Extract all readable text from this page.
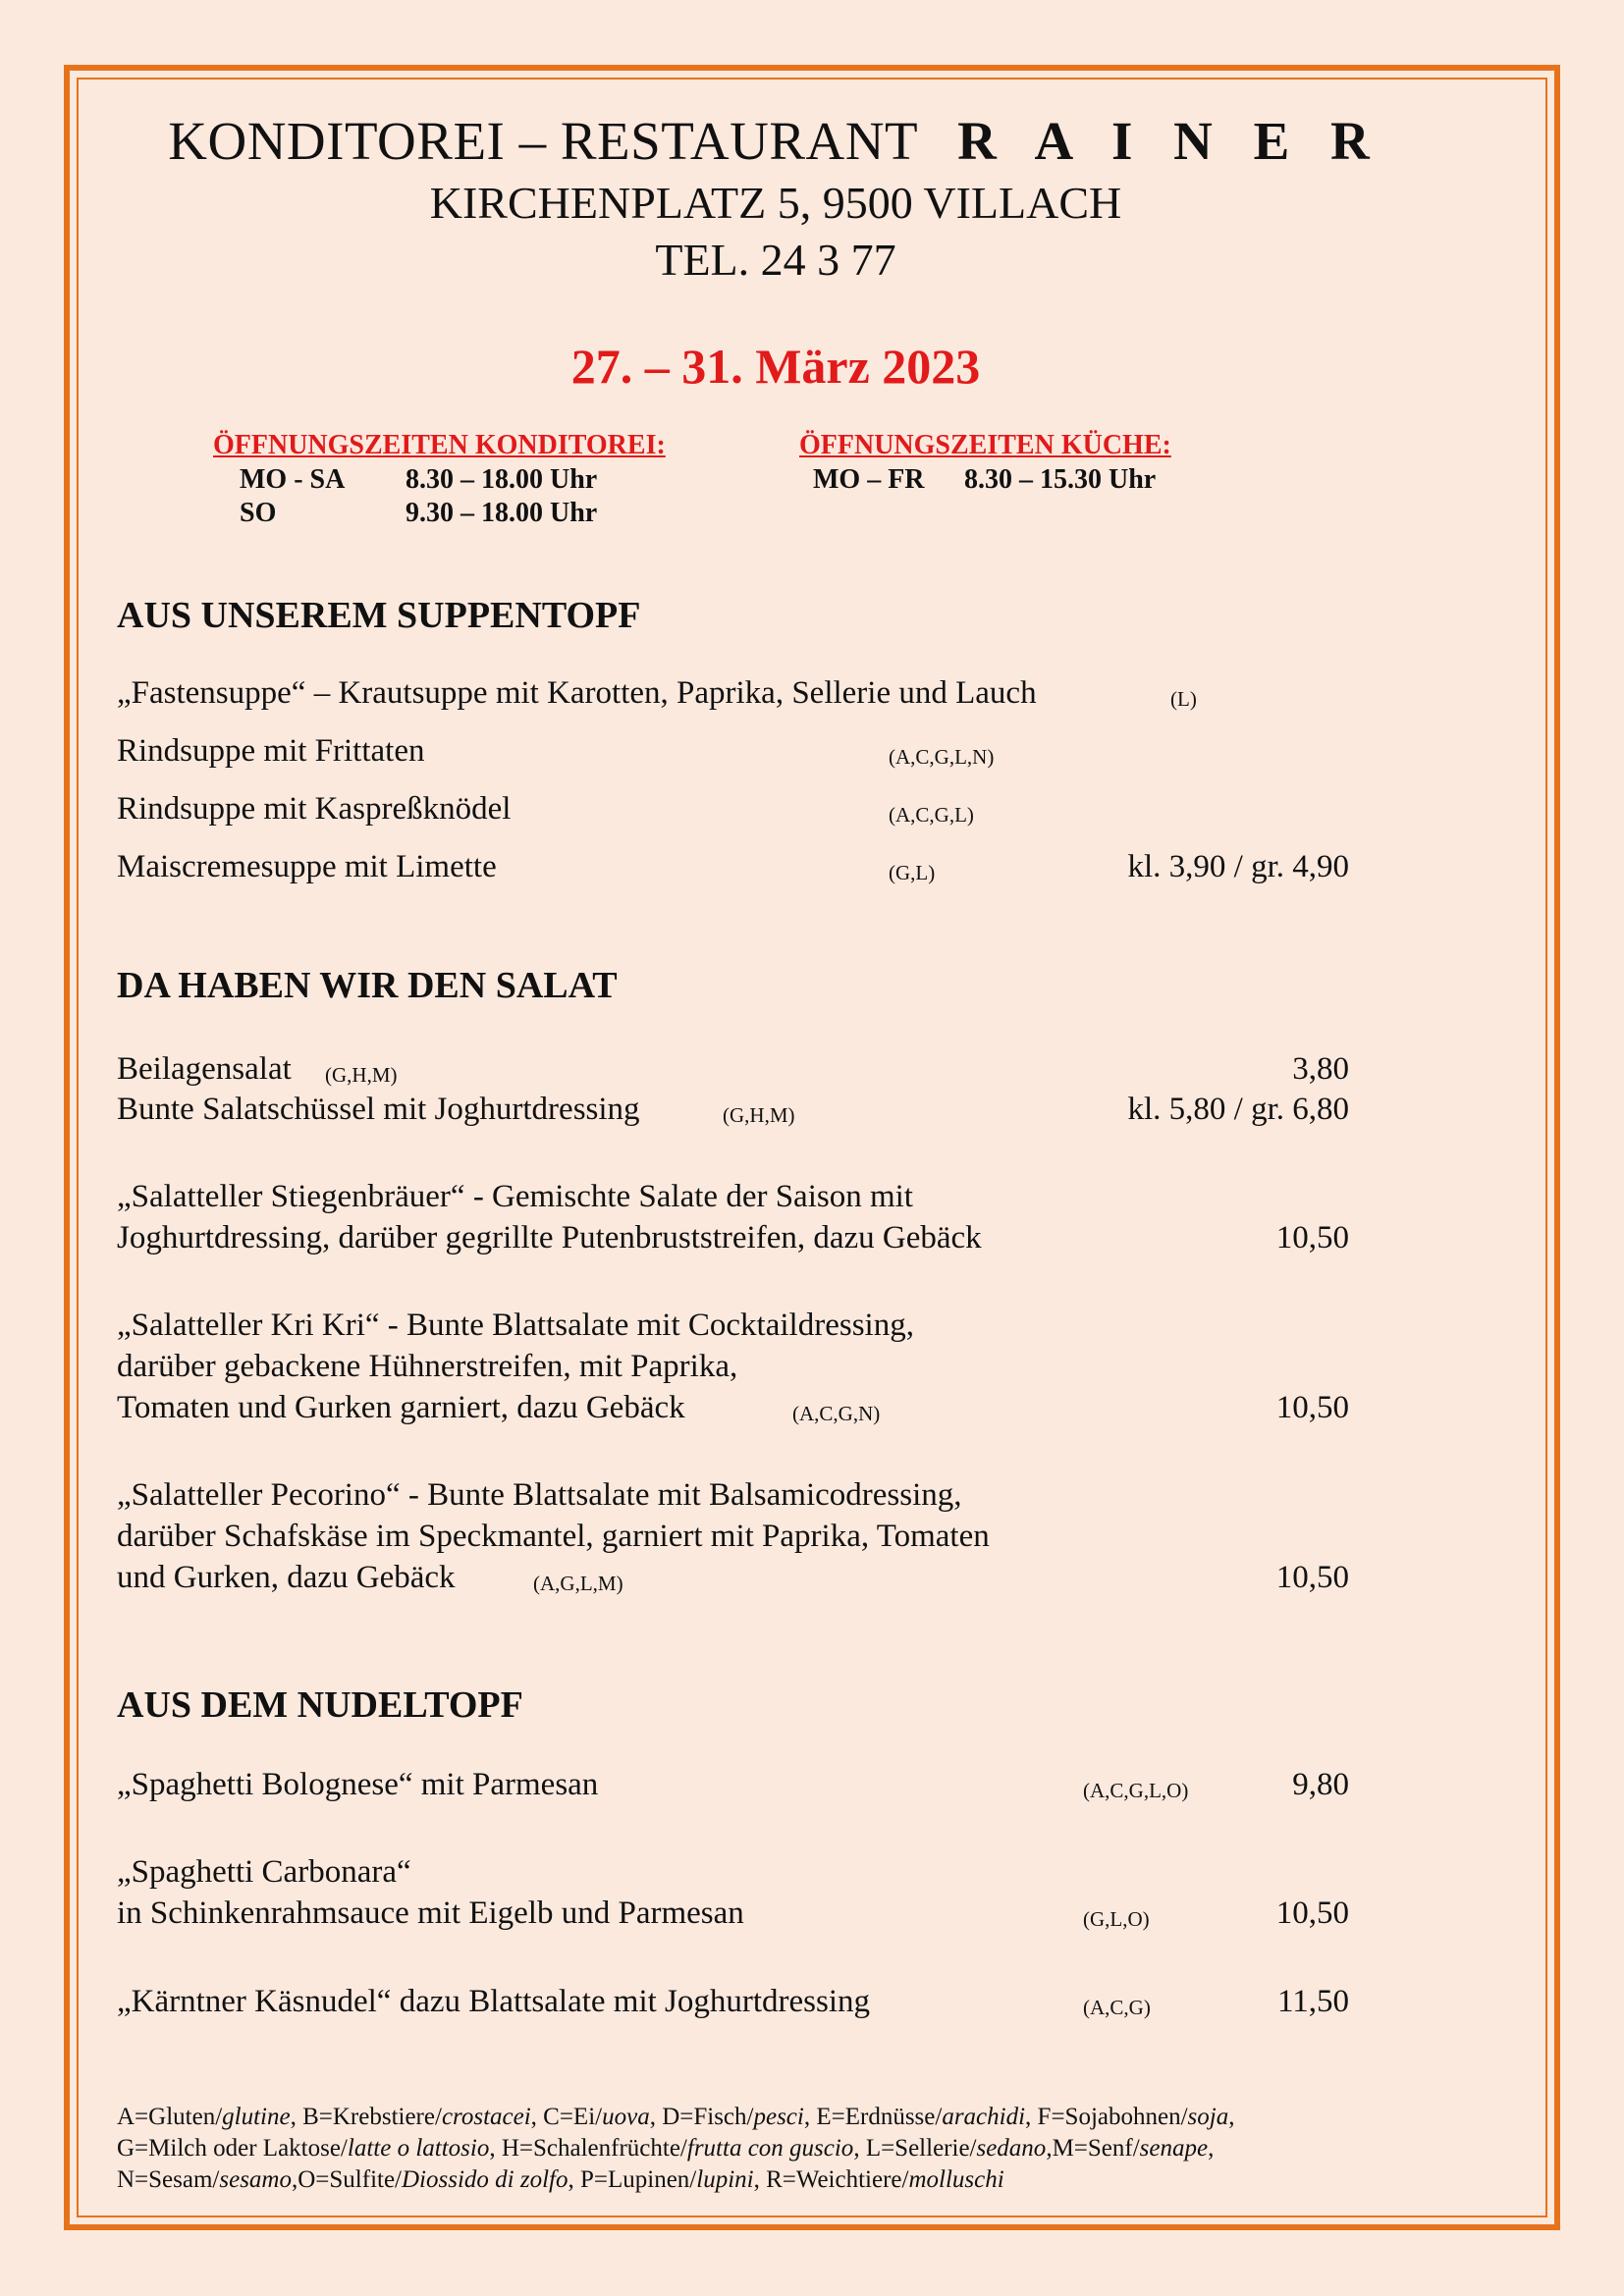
KONDITOREI – RESTAURANT R A I N E R
KIRCHENPLATZ 5, 9500 VILLACH
TEL. 24 3 77
27. – 31. März 2023
ÖFFNUNGSZEITEN KONDITOREI:
MO - SA 8.30 – 18.00 Uhr
SO	9.30 – 18.00 Uhr
ÖFFNUNGSZEITEN KÜCHE:
MO – FR 8.30 – 15.30 Uhr
AUS UNSEREM SUPPENTOPF
„Fastensuppe“ – Krautsuppe mit Karotten, Paprika, Sellerie und Lauch	(L)
Rindsuppe mit Frittaten	(A,C,G,L,N)
Rindsuppe mit Kaspreßknödel	(A,C,G,L)
Maiscremesuppe mit Limette	(G,L)	kl. 3,90 / gr. 4,90
DA HABEN WIR DEN SALAT
Beilagensalat (G,H,M)	3,80
Bunte Salatschüssel mit Joghurtdressing	(G,H,M)	kl. 5,80 / gr. 6,80
„Salatteller Stiegenbräuer“ - Gemischte Salate der Saison mit
Joghurtdressing, darüber gegrillte Putenbruststreifen, dazu Gebäck	10,50
„Salatteller Kri Kri“ - Bunte Blattsalate mit Cocktaildressing,
darüber gebackene Hühnerstreifen, mit Paprika,
Tomaten und Gurken garniert, dazu Gebäck	(A,C,G,N)	10,50
„Salatteller Pecorino“ - Bunte Blattsalate mit Balsamicodressing,
darüber Schafskäse im Speckmantel, garniert mit Paprika, Tomaten
und Gurken, dazu Gebäck	(A,G,L,M)	10,50
AUS DEM NUDELTOPF
„Spaghetti Bolognese“ mit Parmesan	(A,C,G,L,O)	9,80
„Spaghetti Carbonara“
in Schinkenrahmsauce mit Eigelb und Parmesan	(G,L,O)	10,50
„Kärntner Käsnudel“ dazu Blattsalate mit Joghurtdressing	(A,C,G)	11,50
A=Gluten/glutine, B=Krebstiere/crostacei, C=Ei/uova, D=Fisch/pesci, E=Erdnüsse/arachidi, F=Sojabohnen/soja,
G=Milch oder Laktose/latte o lattosio, H=Schalenfrüchte/frutta con guscio, L=Sellerie/sedano,M=Senf/senape,
N=Sesam/sesamo,O=Sulfite/Diossido di zolfo, P=Lupinen/lupini, R=Weichtiere/molluschi
